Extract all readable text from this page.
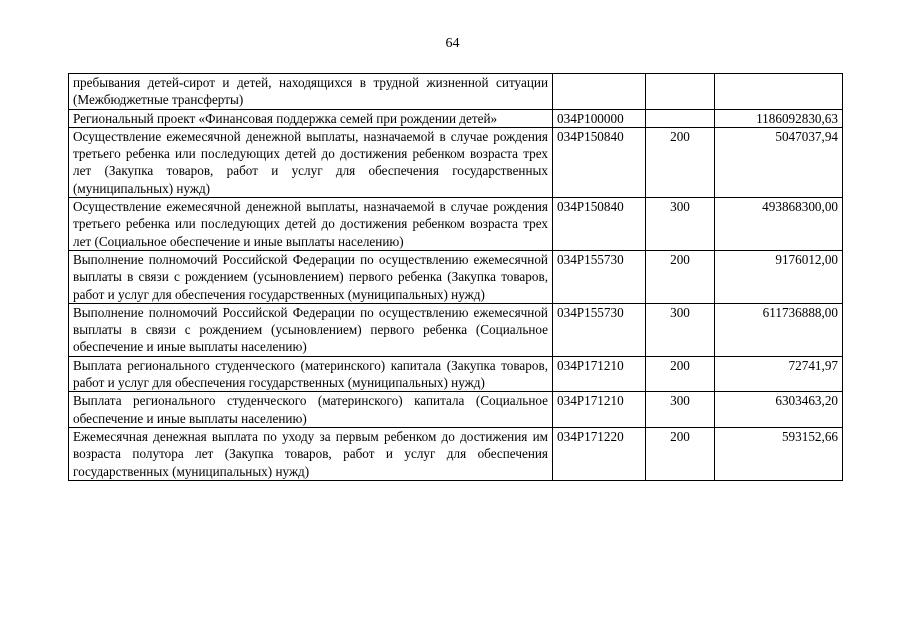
64
пребывания детей-сирот и детей, находящихся в трудной жизненной ситуации (Межбюджетные трансферты)			
Региональный проект «Финансовая поддержка семей при рождении детей»	034P100000		1186092830,63
Осуществление ежемесячной денежной выплаты, назначаемой в случае рождения третьего ребенка или последующих детей до достижения ребенком возраста трех лет (Закупка товаров, работ и услуг для обеспечения государственных (муниципальных) нужд)	034P150840	200	5047037,94
Осуществление ежемесячной денежной выплаты, назначаемой в случае рождения третьего ребенка или последующих детей до достижения ребенком возраста трех лет (Социальное обеспечение и иные выплаты населению)	034P150840	300	493868300,00
Выполнение полномочий Российской Федерации по осуществлению ежемесячной выплаты в связи с рождением (усыновлением) первого ребенка (Закупка товаров, работ и услуг для обеспечения государственных (муниципальных) нужд)	034P155730	200	9176012,00
Выполнение полномочий Российской Федерации по осуществлению ежемесячной выплаты в связи с рождением (усыновлением) первого ребенка (Социальное обеспечение и иные выплаты населению)	034P155730	300	611736888,00
Выплата регионального студенческого (материнского) капитала (Закупка товаров, работ и услуг для обеспечения государственных (муниципальных) нужд)	034P171210	200	72741,97
Выплата регионального студенческого (материнского) капитала (Социальное обеспечение и иные выплаты населению)	034P171210	300	6303463,20
Ежемесячная денежная выплата по уходу за первым ребенком до достижения им возраста полутора лет (Закупка товаров, работ и услуг для обеспечения государственных (муниципальных) нужд)	034P171220	200	593152,66
